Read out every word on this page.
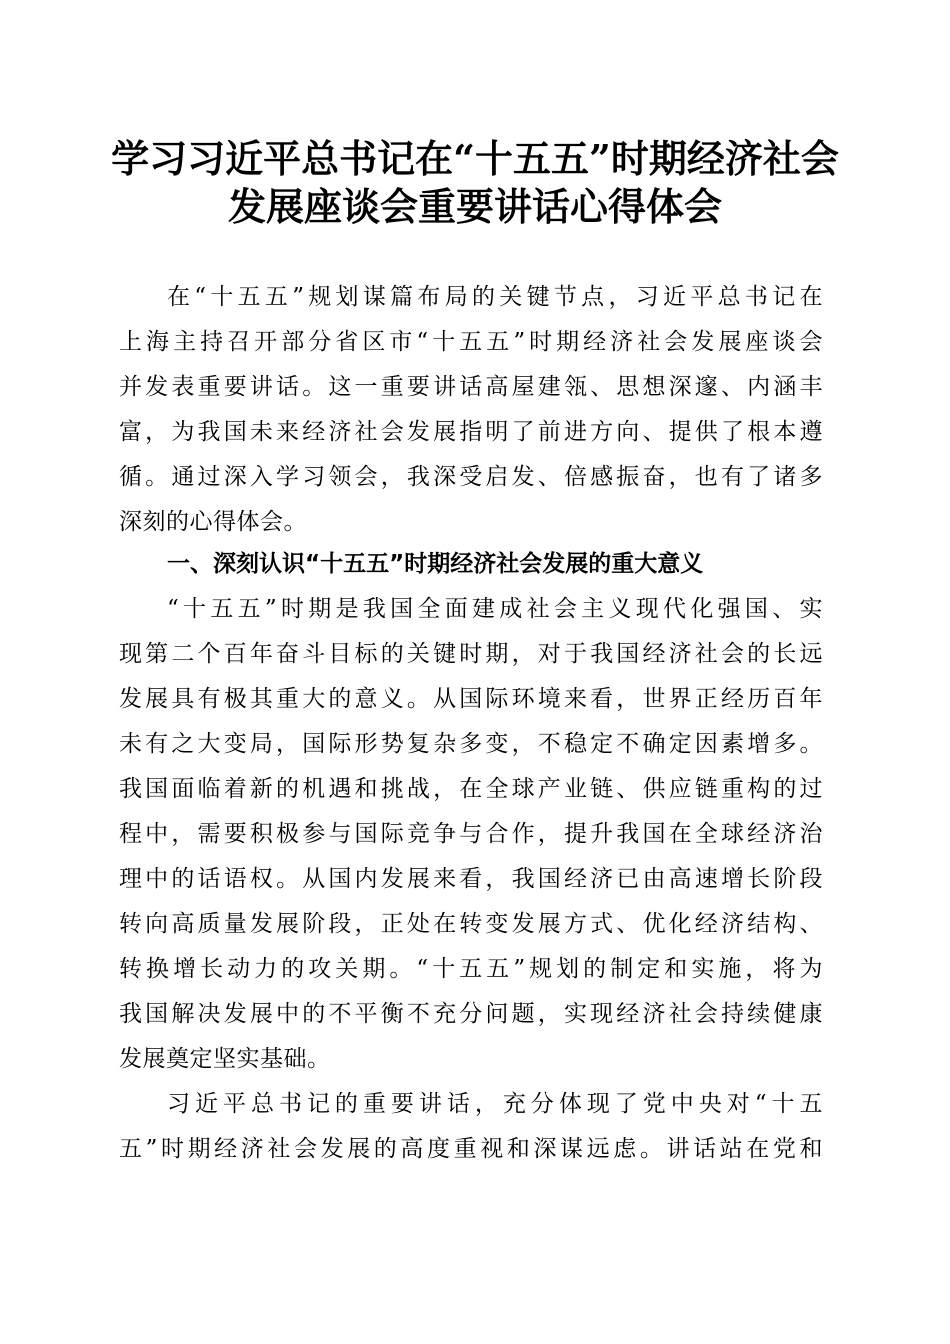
学习习近平总书记在“十五五”时期经济社会
发展座谈会重要讲话心得体会
在“十五五”规划谋篇布局的关键节点，习近平总书记在
上海主持召开部分省区市“十五五”时期经济社会发展座谈会
并发表重要讲话。这一重要讲话高屋建瓴、思想深邃、内涵丰
富，为我国未来经济社会发展指明了前进方向、提供了根本遵
循。通过深入学习领会，我深受启发、倍感振奋，也有了诸多
深刻的心得体会。
一、深刻认识“十五五”时期经济社会发展的重大意义
“十五五”时期是我国全面建成社会主义现代化强国、实
现第二个百年奋斗目标的关键时期，对于我国经济社会的长远
发展具有极其重大的意义。从国际环境来看，世界正经历百年
未有之大变局，国际形势复杂多变，不稳定不确定因素增多。
我国面临着新的机遇和挑战，在全球产业链、供应链重构的过
程中，需要积极参与国际竞争与合作，提升我国在全球经济治
理中的话语权。从国内发展来看，我国经济已由高速增长阶段
转向高质量发展阶段，正处在转变发展方式、优化经济结构、
转换增长动力的攻关期。“十五五”规划的制定和实施，将为
我国解决发展中的不平衡不充分问题，实现经济社会持续健康
发展奠定坚实基础。
习近平总书记的重要讲话，充分体现了党中央对“十五
五”时期经济社会发展的高度重视和深谋远虑。讲话站在党和
